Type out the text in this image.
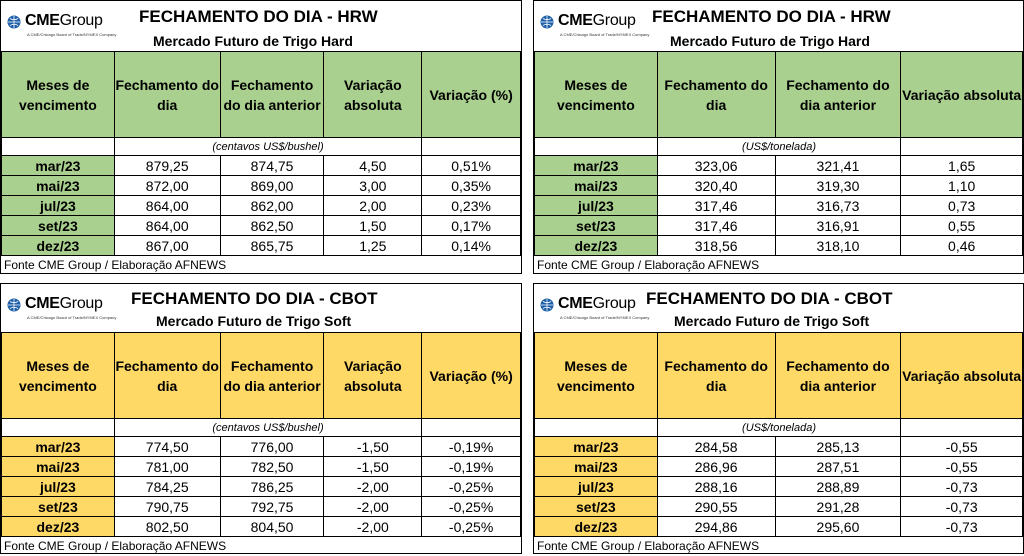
CMEGroup
A CME/Chicago Board of Trade/NYMEX Company
FECHAMENTO DO DIA - HRW
Mercado Futuro de Trigo Hard
Meses de vencimento	Fechamento do dia	Fechamento do dia anterior	Variação absoluta	Variação (%)
	(centavos US$/bushel)			
mar/23	879,25	874,75	4,50	0,51%
mai/23	872,00	869,00	3,00	0,35%
jul/23	864,00	862,00	2,00	0,23%
set/23	864,00	862,50	1,50	0,17%
dez/23	867,00	865,75	1,25	0,14%
Fonte CME Group / Elaboração AFNEWS
CMEGroup
A CME/Chicago Board of Trade/NYMEX Company
FECHAMENTO DO DIA - HRW
Mercado Futuro de Trigo Hard
Meses de vencimento	Fechamento do dia	Fechamento do dia anterior	Variação absoluta
	(US$/tonelada)		
mar/23	323,06	321,41	1,65
mai/23	320,40	319,30	1,10
jul/23	317,46	316,73	0,73
set/23	317,46	316,91	0,55
dez/23	318,56	318,10	0,46
Fonte CME Group / Elaboração AFNEWS
CMEGroup
A CME/Chicago Board of Trade/NYMEX Company
FECHAMENTO DO DIA - CBOT
Mercado Futuro de Trigo Soft
Meses de vencimento	Fechamento do dia	Fechamento do dia anterior	Variação absoluta	Variação (%)
	(centavos US$/bushel)			
mar/23	774,50	776,00	-1,50	-0,19%
mai/23	781,00	782,50	-1,50	-0,19%
jul/23	784,25	786,25	-2,00	-0,25%
set/23	790,75	792,75	-2,00	-0,25%
dez/23	802,50	804,50	-2,00	-0,25%
Fonte CME Group / Elaboração AFNEWS
CMEGroup
A CME/Chicago Board of Trade/NYMEX Company
FECHAMENTO DO DIA - CBOT
Mercado Futuro de Trigo Soft
Meses de vencimento	Fechamento do dia	Fechamento do dia anterior	Variação absoluta
	(US$/tonelada)		
mar/23	284,58	285,13	-0,55
mai/23	286,96	287,51	-0,55
jul/23	288,16	288,89	-0,73
set/23	290,55	291,28	-0,73
dez/23	294,86	295,60	-0,73
Fonte CME Group / Elaboração AFNEWS
